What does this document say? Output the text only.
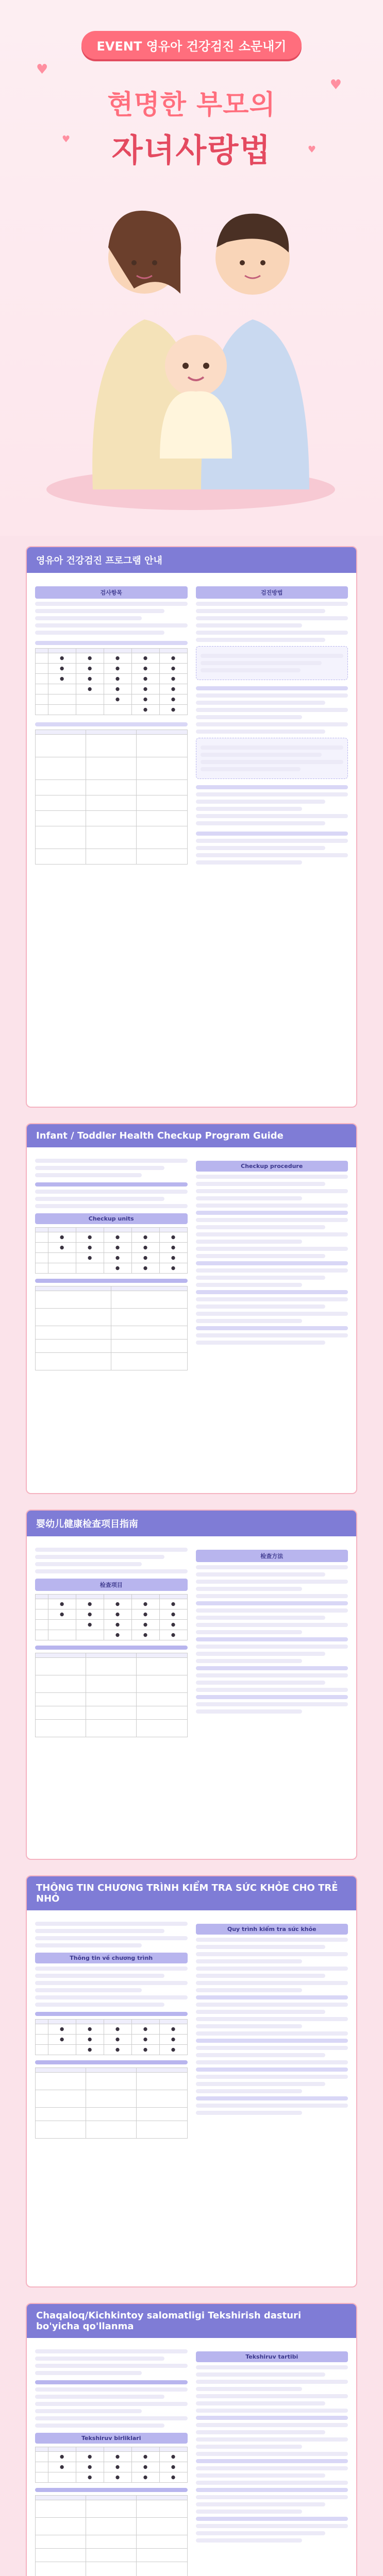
♥
♥
♥
♥
EVENT 영유아 건강검진 소문내기
현명한 부모의
자녀사랑법
영유아 건강검진 프로그램 안내
검사항목

	●	●	●	●	●
	●	●	●	●	●
	●	●	●	●	●
		●	●	●	●
			●	●	●
				●	●

검진방법
Infant / Toddler Health Checkup Program Guide
Checkup units

	●	●	●	●	●
	●	●	●	●	●
		●	●	●	●
			●	●	●

Checkup procedure
婴幼儿健康检查项目指南
检查项目

	●	●	●	●	●
	●	●	●	●	●
		●	●	●	●
			●	●	●

检查方法
THÔNG TIN CHƯƠNG TRÌNH KIỂM TRA SỨC KHỎE CHO TRẺ NHỎ
Thông tin về chương trình

	●	●	●	●	●
	●	●	●	●	●
		●	●	●	●

Quy trình kiểm tra sức khỏe
Chaqaloq/Kichkintoy salomatligi Tekshirish dasturi bo'yicha qo'llanma
Tekshiruv birliklari

	●	●	●	●	●
	●	●	●	●	●
		●	●	●	●

Tekshiruv tartibi
